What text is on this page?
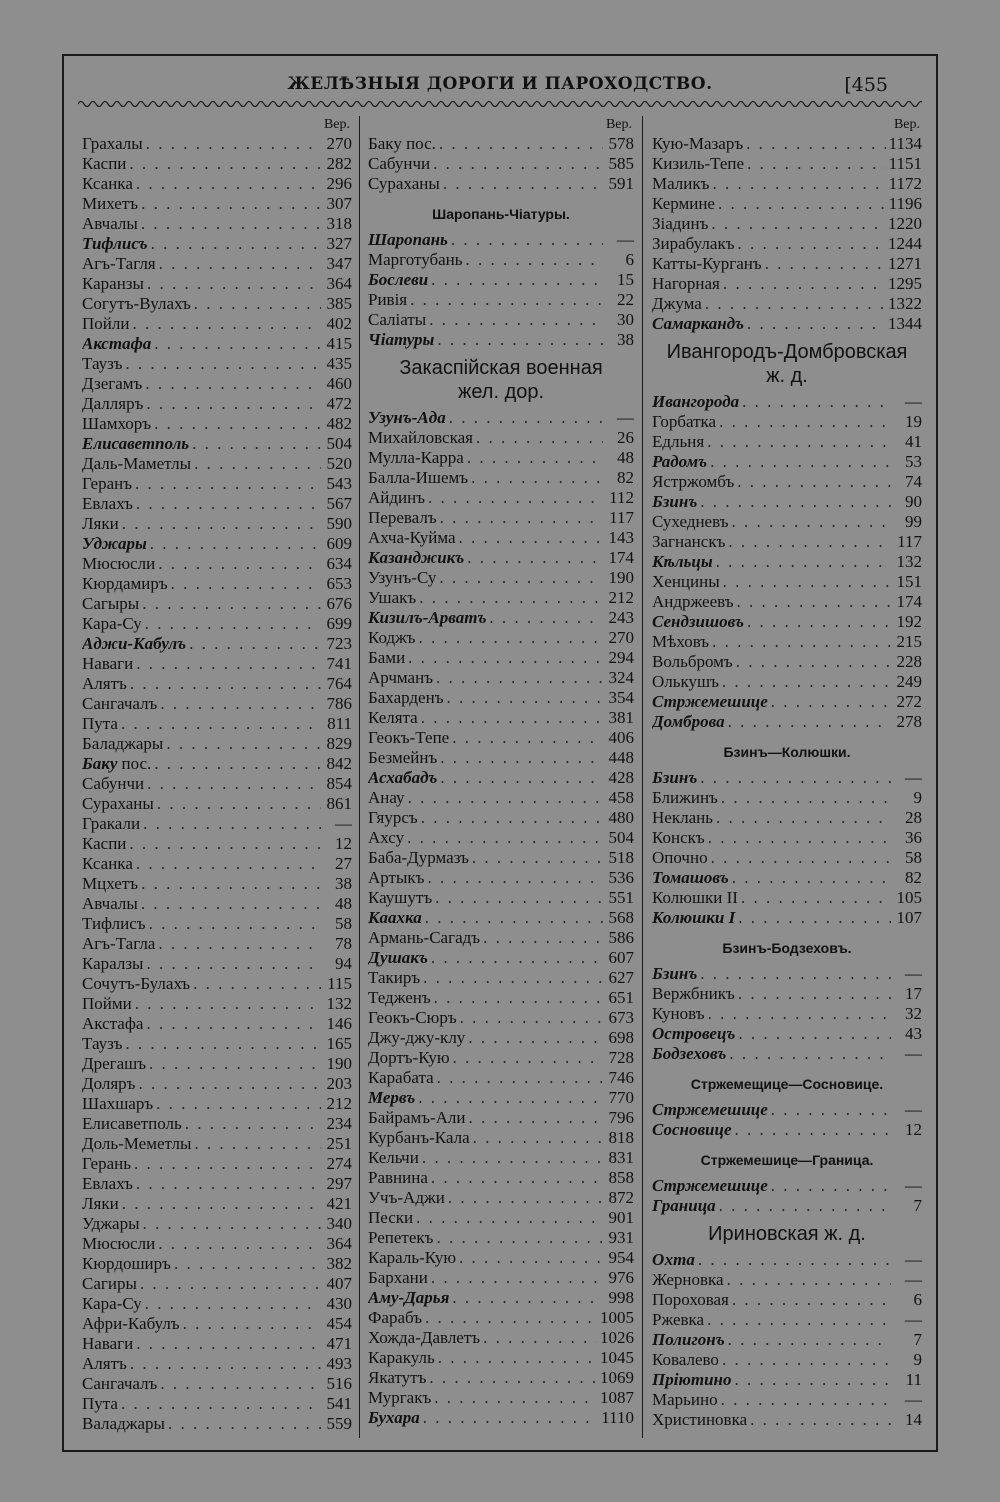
ЖЕЛѢЗНЫЯ ДОРОГИ И ПАРОХОДСТВО.	[455
Вер.
Грахалы . . .	270
Каспи . . .	282
Ксанка . . .	296
Михетъ . . .	307
Авчалы . . .	318
Тифлисъ . . .	327
Агъ-Тагля . . .	347
Каранзы . . .	364
Согутъ-Вулахъ . . .	385
Пойли . . .	402
Акстафа . . .	415
Таузъ . . .	435
Дзегамъ . . .	460
Далляръ . . .	472
Шамхоръ . . .	482
Елисаветполь . . .	504
Даль-Маметлы . . .	520
Геранъ . . .	543
Евлахъ . . .	567
Ляки . . .	590
Уджары . . .	609
Мюсюсли . . .	634
Кюрдамиръ . . .	653
Сагыры . . .	676
Кара-Су . . .	699
Аджи-Кабулъ . . .	723
Наваги . . .	741
Алятъ . . .	764
Сангачалъ . . .	786
Пута . . .	811
Баладжары . . .	829
Баку пос. . . .	842
Сабунчи . . .	854
Сураханы . . .	861
Гракали . . .	—
Каспи . . .	12
Ксанка . . .	27
Мцхетъ . . .	38
Авчалы . . .	48
Тифлисъ . . .	58
Агъ-Тагла . . .	78
Каралзы . . .	94
Сочутъ-Булахъ . . .	115
Пойми . . .	132
Акстафа . . .	146
Таузъ . . .	165
Дрегашъ . . .	190
Доляръ . . .	203
Шахшаръ . . .	212
Елисаветполь . . .	234
Доль-Меметлы . . .	251
Герань . . .	274
Евлахъ . . .	297
Ляки . . .	421
Уджары . . .	340
Мюсюсли . . .	364
Кюрдоширъ . . .	382
Сагиры . . .	407
Кара-Су . . .	430
Афри-Кабулъ . . .	454
Наваги . . .	471
Алятъ . . .	493
Сангачалъ . . .	516
Пута . . .	541
Валаджары . . .	559
Вер.
Баку пос. . . .	578
Сабунчи . . .	585
Сураханы . . .	591
Шаропань-Чіатуры.
Шаропань . . .	—
Марготубань . . .	6
Бослеви . . .	15
Ривія . . .	22
Саліаты . . .	30
Чіатуры . . .	38
Закаспійская военная
жел. дор.
Узунъ-Ада . . .	—
Михайловская . . .	26
Мулла-Карра . . .	48
Балла-Ишемъ . . .	82
Айдинъ . . .	112
Перевалъ . . .	117
Ахча-Куйма . . .	143
Казанджикъ . . .	174
Узунъ-Су . . .	190
Ушакъ . . .	212
Кизилъ-Арватъ . . .	243
Коджъ . . .	270
Бами . . .	294
Арчманъ . . .	324
Бахарденъ . . .	354
Келята . . .	381
Геокъ-Тепе . . .	406
Безмейнъ . . .	448
Асхабадъ . . .	428
Анау . . .	458
Гяурсъ . . .	480
Ахсу . . .	504
Баба-Дурмазъ . . .	518
Артыкъ . . .	536
Каушутъ . . .	551
Каахка . . .	568
Армань-Сагадъ . . .	586
Душакъ . . .	607
Такиръ . . .	627
Тедженъ . . .	651
Геокъ-Сюръ . . .	673
Джу-джу-клу . . .	698
Дортъ-Кую . . .	728
Карабата . . .	746
Мервъ . . .	770
Байрамъ-Али . . .	796
Курбанъ-Кала . . .	818
Кельчи . . .	831
Равнина . . .	858
Учъ-Аджи . . .	872
Пески . . .	901
Репетекъ . . .	931
Караль-Кую . . .	954
Бархани . . .	976
Аму-Дарья . . .	998
Фарабъ . . .	1005
Хожда-Давлетъ . . .	1026
Каракуль . . .	1045
Якатутъ . . .	1069
Мургакъ . . .	1087
Бухара . . .	1110
Вер.
Кую-Мазаръ . . .	1134
Кизиль-Тепе . . .	1151
Маликъ . . .	1172
Кермине . . .	1196
Зіадинъ . . .	1220
Зирабулакъ . . .	1244
Катты-Курганъ . . .	1271
Нагорная . . .	1295
Джума . . .	1322
Самаркандъ . . .	1344
Ивангородъ-Домбровская
ж. д.
Ивангорода . . .	—
Горбатка . . .	19
Едльня . . .	41
Радомъ . . .	53
Ястржомбъ . . .	74
Бзинъ . . .	90
Сухедневъ . . .	99
Загнанскъ . . .	117
Кѣльцы . . .	132
Хенцины . . .	151
Андржеевъ . . .	174
Сендзишовъ . . .	192
Мѣховъ . . .	215
Вольбромъ . . .	228
Олькушъ . . .	249
Стржемешице . . .	272
Домброва . . .	278
Бзинъ—Колюшки.
Бзинъ . . .	—
Ближинъ . . .	9
Неклань . . .	28
Конскъ . . .	36
Опочно . . .	58
Томашовъ . . .	82
Колюшки II . . .	105
Колюшки I . . .	107
Бзинъ-Бодзеховъ.
Бзинъ . . .	—
Вержбникъ . . .	17
Куновъ . . .	32
Островецъ . . .	43
Бодзеховъ . . .	—
Стржемещице—Сосновице.
Стржемешице . . .	—
Сосновице . . .	12
Стржемешице—Граница.
Стржемешице . . .	—
Граница . . .	7
Ириновская ж. д.
Охта . . .	—
Жерновка . . .	—
Пороховая . . .	6
Ржевка . . .	—
Полигонъ . . .	7
Ковалево . . .	9
Пріютино . . .	11
Марьино . . .	—
Христиновка . . .	14
